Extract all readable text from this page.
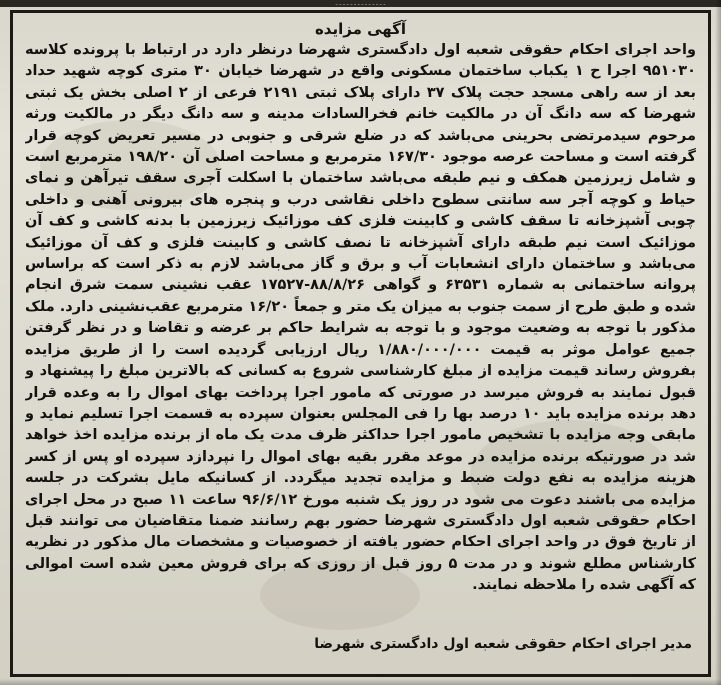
ـ ـ ـ ـ ـ ـ ـ ـ ـ ـ ـ ـ ـ ـ
آگهی مزایده

واحد اجرای احکام حقوقی شعبه اول دادگستری شهرضا درنظر دارد در ارتباط با پرونده کلاسه ۹۵۱۰۳۰ اجرا ح ۱ یکباب ساختمان مسکونی واقع در شهرضا خیابان ۳۰ متری کوچه شهید حداد بعد از سه راهی مسجد حجت پلاک ۳۷ دارای پلاک ثبتی ۲۱۹۱ فرعی از ۲ اصلی بخش یک ثبتی شهرضا که سه دانگ آن در مالکیت خانم فخرالسادات مدینه و سه دانگ دیگر در مالکیت ورثه مرحوم سیدمرتضی بحرینی می‌باشد که در ضلع شرقی و جنوبی در مسیر تعریض کوچه قرار گرفته است و مساحت عرصه موجود ۱۶۷/۳۰ مترمربع و مساحت اصلی آن ۱۹۸/۲۰ مترمربع است و شامل زیرزمین همکف و نیم طبقه می‌باشد ساختمان با اسکلت آجری سقف تیرآهن و نمای حیاط و کوچه آجر سه سانتی سطوح داخلی نقاشی درب و پنجره های بیرونی آهنی و داخلی چوبی آشپزخانه تا سقف کاشی و کابینت فلزی کف موزائیک زیرزمین با بدنه کاشی و کف آن موزائیک است نیم طبقه دارای آشپزخانه تا نصف کاشی و کابینت فلزی و کف آن موزائیک می‌باشد و ساختمان دارای انشعابات آب و برق و گاز می‌باشد لازم به ذکر است که براساس پروانه ساختمانی به شماره ۶۳۵۳۱ و گواهی ۸۸/۸/۲۶-۱۷۵۲۷ عقب نشینی سمت شرق انجام شده و طبق طرح از سمت جنوب به میزان یک متر و جمعاً ۱۶/۲۰ مترمربع عقب‌نشینی دارد. ملک مذکور با توجه به وضعیت موجود و با توجه به شرایط حاکم بر عرضه و تقاضا و در نظر گرفتن جمیع عوامل موثر به قیمت ۱/۸۸۰/۰۰۰/۰۰۰ ریال ارزیابی گردیده است را از طریق مزایده بفروش رساند قیمت مزایده از مبلغ کارشناسی شروع به کسانی که بالاترین مبلغ را پیشنهاد و قبول نمایند به فروش میرسد در صورتی که مامور اجرا پرداخت بهای اموال را به وعده قرار دهد برنده مزایده باید ۱۰ درصد بها را فی المجلس بعنوان سپرده به قسمت اجرا تسلیم نماید و مابقی وجه مزایده با تشخیص مامور اجرا حداکثر ظرف مدت یک ماه از برنده مزایده اخذ خواهد شد در صورتیکه برنده مزایده در موعد مقرر بقیه بهای اموال را نپردازد سپرده او پس از کسر هزینه مزایده به نفع دولت ضبط و مزایده تجدید میگردد. از کسانیکه مایل بشرکت در جلسه مزایده می باشند دعوت می شود در روز یک شنبه مورخ ۹۶/۶/۱۲ ساعت ۱۱ صبح در محل اجرای احکام حقوقی شعبه اول دادگستری شهرضا حضور بهم رسانند ضمنا متقاضیان می توانند قبل از تاریخ فوق در واحد اجرای احکام حضور یافته از خصوصیات و مشخصات مال مذکور در نظریه کارشناس مطلع شوند و در مدت ۵ روز قبل از روزی که برای فروش معین شده است اموالی که آگهی شده را ملاحظه نمایند.

مدیر اجرای احکام حقوقی شعبه اول دادگستری شهرضا
